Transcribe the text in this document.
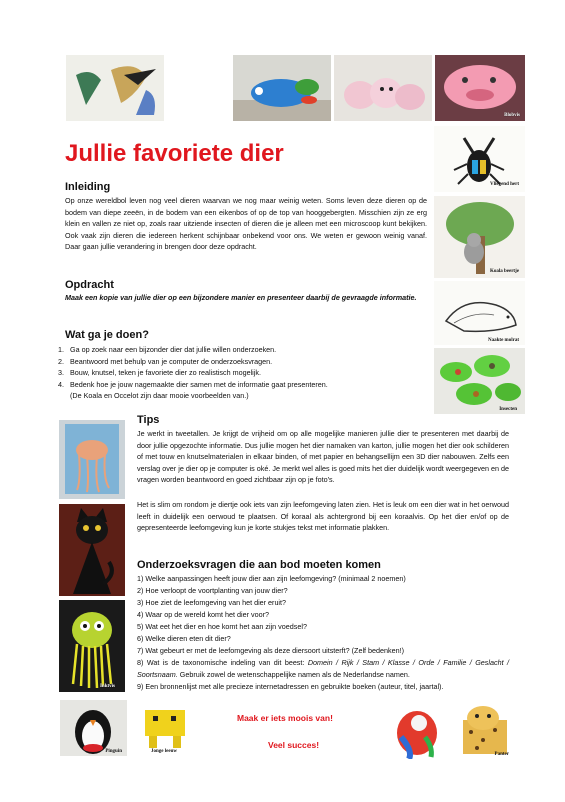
Blobvis
Vliegend hert
Koala beertje
Naakte molrat
Insecten
Inktvis
Pinguin	Jonge leeuw
Panter
Jullie favoriete dier
Inleiding

Op onze wereldbol leven nog veel dieren waarvan we nog maar weinig weten. Soms leven deze dieren op de bodem van diepe zeeën, in de bodem van een eikenbos of op de top van hooggebergten. Misschien zijn ze erg klein en vallen ze niet op, zoals raar uitziende insecten of dieren die je alleen met een microscoop kunt bekijken. Ook vaak zijn dieren die iedereen herkent schijnbaar onbekend voor ons. We weten er gewoon weinig vanaf. Daar gaan jullie verandering in brengen door deze opdracht.

Opdracht

Maak een kopie van jullie dier op een bijzondere manier en presenteer daarbij de gevraagde informatie.

Wat ga je doen?
1. Ga op zoek naar een bijzonder dier dat jullie willen onderzoeken.
2. Beantwoord met behulp van je computer de onderzoeksvragen.
3. Bouw, knutsel, teken je favoriete dier zo realistisch mogelijk.
4. Bedenk hoe je jouw nagemaakte dier samen met de informatie gaat presenteren.

(De Koala en Occelot zijn daar mooie voorbeelden van.)

Tips

Je werkt in tweetallen. Je krijgt de vrijheid om op alle mogelijke manieren jullie dier te presenteren met daarbij de door jullie opgezochte informatie. Dus jullie mogen het dier namaken van karton, jullie mogen het dier ook schilderen of met touw en knutselmaterialen in elkaar binden, of met papier en behangsellijm een 3D dier nabouwen. Zelfs een verslag over je dier op je computer is oké. Je merkt wel alles is goed mits het dier duidelijk wordt weergegeven en de vragen worden beantwoord en goed zichtbaar zijn op je foto's.

Het is slim om rondom je diertje ook iets van zijn leefomgeving laten zien. Het is leuk om een dier wat in het oerwoud leeft in duidelijk een oerwoud te plaatsen. Of koraal als achtergrond bij een koraalvis. Op het dier en/of op de gepresenteerde leefomgeving kun je korte stukjes tekst met informatie plakken.

Onderzoeksvragen die aan bod moeten komen
1) Welke aanpassingen heeft jouw dier aan zijn leefomgeving? (minimaal 2 noemen)
2) Hoe verloopt de voortplanting van jouw dier?
3) Hoe ziet de leefomgeving van het dier eruit?
4) Waar op de wereld komt het dier voor?
5) Wat eet het dier en hoe komt het aan zijn voedsel?
6) Welke dieren eten dit dier?
7) Wat gebeurt er met de leefomgeving als deze diersoort uitsterft? (Zelf bedenken!)
8) Wat is de taxonomische indeling van dit beest: Domein / Rijk / Stam / Klasse / Orde / Familie / Geslacht / Soortsnaam. Gebruik zowel de wetenschappelijke namen als de Nederlandse namen.
9) Een bronnenlijst met alle precieze internetadressen en gebruikte boeken (auteur, titel, jaartal).
Maak er iets moois van!
Veel succes!
